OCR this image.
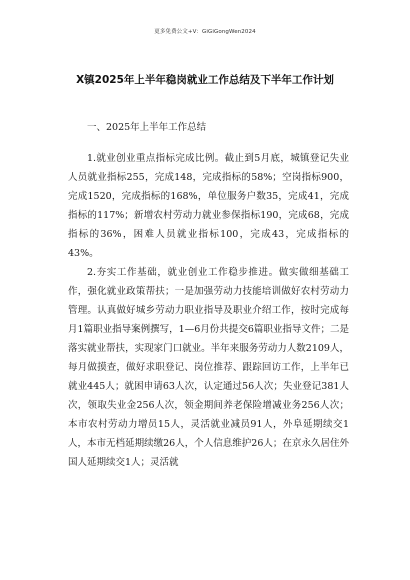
更多免费公文+V：GiGiGongWen2024
X镇2025年上半年稳岗就业工作总结及下半年工作计划

一、2025年上半年工作总结

1.就业创业重点指标完成比例。截止到5月底，城镇登记失业人员就业指标255，完成148，完成指标的58%；空岗指标900，完成1520，完成指标的168%，单位服务户数35，完成41，完成指标的117%；新增农村劳动力就业参保指标190，完成68，完成指标的36%，困难人员就业指标100，完成43，完成指标的43%。

2.夯实工作基础，就业创业工作稳步推进。做实做细基础工作，强化就业政策帮扶；一是加强劳动力技能培训做好农村劳动力管理。认真做好城乡劳动力职业指导及职业介绍工作，按时完成每月1篇职业指导案例撰写，1—6月份共提交6篇职业指导文件；二是落实就业帮扶，实现家门口就业。半年来服务劳动力人数2109人，每月做摸查，做好求职登记、岗位推荐、跟踪回访工作，上半年已就业445人；就困申请63人次，认定通过56人次；失业登记381人次，领取失业金256人次，领金期间养老保险增减业务256人次；本市农村劳动力增员15人，灵活就业减员91人，外阜延期续交1人，本市无档延期续缴26人，个人信息维护26人；在京永久居住外国人延期续交1人；灵活就
